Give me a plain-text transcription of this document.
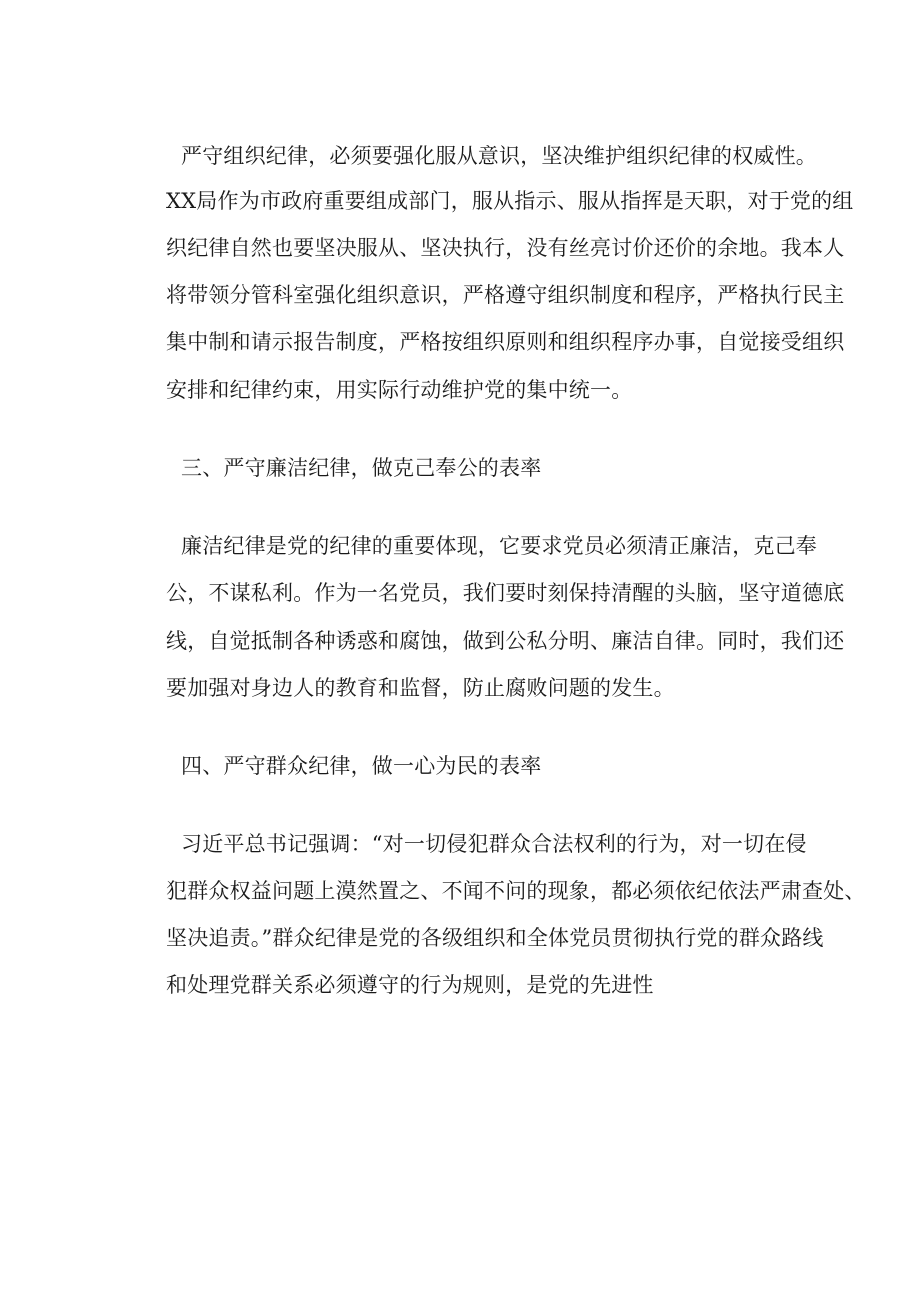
严守组织纪律，必须要强化服从意识，坚决维护组织纪律的权威性。
XX局作为市政府重要组成部门，服从指示、服从指挥是天职，对于党的组
织纪律自然也要坚决服从、坚决执行，没有丝亮讨价还价的余地。我本人
将带领分管科室强化组织意识，严格遵守组织制度和程序，严格执行民主
集中制和请示报告制度，严格按组织原则和组织程序办事，自觉接受组织
安排和纪律约束，用实际行动维护党的集中统一。
三、严守廉洁纪律，做克己奉公的表率
廉洁纪律是党的纪律的重要体现，它要求党员必须清正廉洁，克己奉
公，不谋私利。作为一名党员，我们要时刻保持清醒的头脑，坚守道德底
线，自觉抵制各种诱惑和腐蚀，做到公私分明、廉洁自律。同时，我们还
要加强对身边人的教育和监督，防止腐败问题的发生。
四、严守群众纪律，做一心为民的表率
习近平总书记强调：“对一切侵犯群众合法权利的行为，对一切在侵
犯群众权益问题上漠然置之、不闻不问的现象，都必须依纪依法严肃查处、
坚决追责。”群众纪律是党的各级组织和全体党员贯彻执行党的群众路线
和处理党群关系必须遵守的行为规则，是党的先进性
